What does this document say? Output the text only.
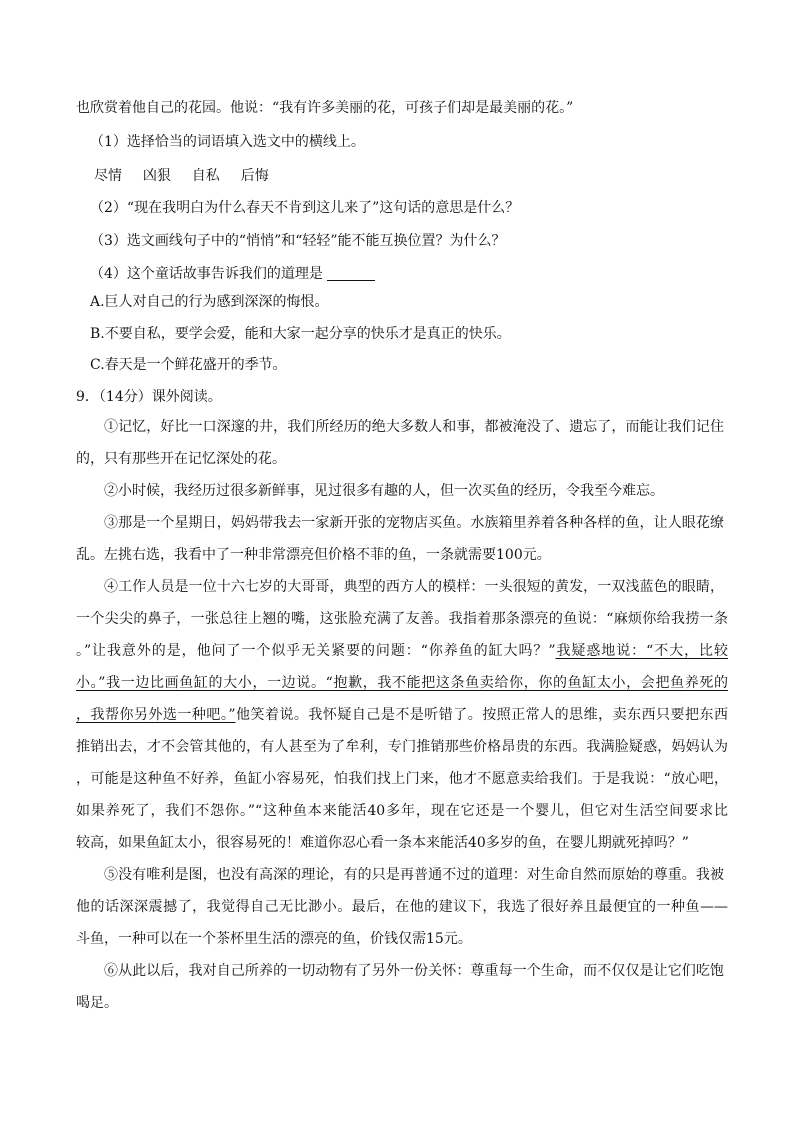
也欣赏着他自己的花园。他说：“我有许多美丽的花，可孩子们却是最美丽的花。”
（1）选择恰当的词语填入选文中的横线上。
尽情  凶狠  自私  后悔
（2）“现在我明白为什么春天不肯到这儿来了”这句话的意思是什么？
（3）选文画线句子中的“悄悄”和“轻轻”能不能互换位置？为什么？
（4）这个童话故事告诉我们的道理是
A.巨人对自己的行为感到深深的悔恨。
B.不要自私，要学会爱，能和大家一起分享的快乐才是真正的快乐。
C.春天是一个鲜花盛开的季节。
9．（14分）课外阅读。
①记忆，好比一口深邃的井，我们所经历的绝大多数人和事，都被淹没了、遗忘了，而能让我们记住
的，只有那些开在记忆深处的花。
②小时候，我经历过很多新鲜事，见过很多有趣的人，但一次买鱼的经历，令我至今难忘。
③那是一个星期日，妈妈带我去一家新开张的宠物店买鱼。水族箱里养着各种各样的鱼，让人眼花缭
乱。左挑右选，我看中了一种非常漂亮但价格不菲的鱼，一条就需要100元。
④工作人员是一位十六七岁的大哥哥，典型的西方人的模样：一头很短的黄发，一双浅蓝色的眼睛，
一个尖尖的鼻子，一张总往上翘的嘴，这张脸充满了友善。我指着那条漂亮的鱼说：“麻烦你给我捞一条
。”让我意外的是，他问了一个似乎无关紧要的问题：“你养鱼的缸大吗？”我疑惑地说：“不大，比较
小。”我一边比画鱼缸的大小，一边说。“抱歉，我不能把这条鱼卖给你，你的鱼缸太小，会把鱼养死的
，我帮你另外选一种吧。”他笑着说。我怀疑自己是不是听错了。按照正常人的思维，卖东西只要把东西
推销出去，才不会管其他的，有人甚至为了牟利，专门推销那些价格昂贵的东西。我满脸疑惑，妈妈认为
，可能是这种鱼不好养，鱼缸小容易死，怕我们找上门来，他才不愿意卖给我们。于是我说：“放心吧，
如果养死了，我们不怨你。”“这种鱼本来能活40多年，现在它还是一个婴儿，但它对生活空间要求比
较高，如果鱼缸太小，很容易死的！难道你忍心看一条本来能活40多岁的鱼，在婴儿期就死掉吗？”
⑤没有唯利是图，也没有高深的理论，有的只是再普通不过的道理：对生命自然而原始的尊重。我被
他的话深深震撼了，我觉得自己无比渺小。最后，在他的建议下，我选了很好养且最便宜的一种鱼——
斗鱼，一种可以在一个茶杯里生活的漂亮的鱼，价钱仅需15元。
⑥从此以后，我对自己所养的一切动物有了另外一份关怀：尊重每一个生命，而不仅仅是让它们吃饱
喝足。
